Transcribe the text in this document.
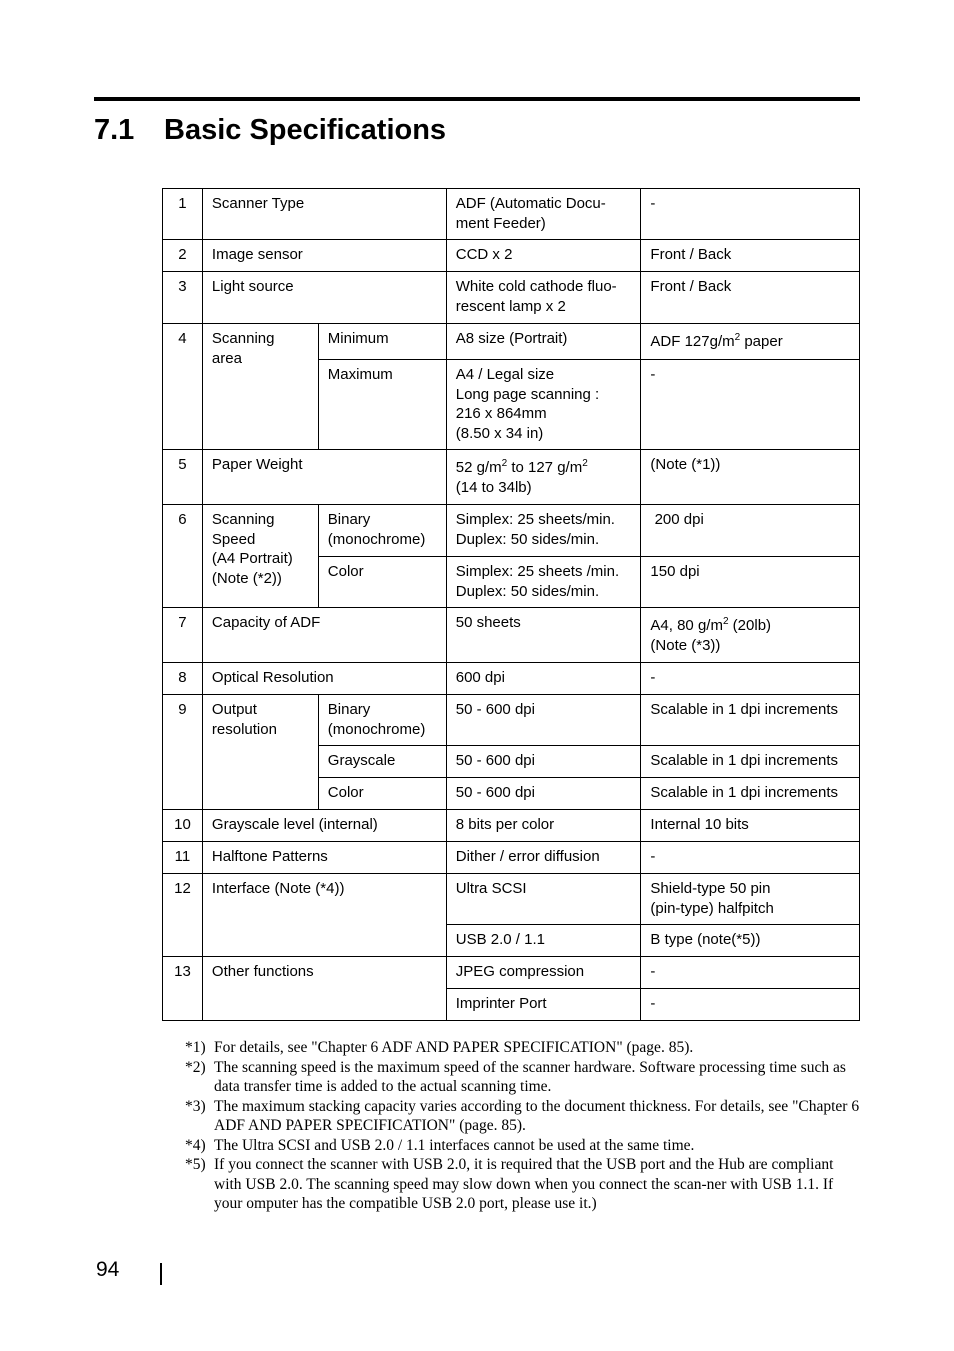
7.1 Basic Specifications
1	Scanner Type		ADF (Automatic Docu-
ment Feeder)	-
2	Image sensor		CCD x 2	Front / Back
3	Light source		White cold cathode fluo-
rescent lamp x 2	Front / Back
4	Scanning
area	Minimum	A8 size (Portrait)	ADF $127g/m^2$ paper
		Maximum	A4 / Legal size
Long page scanning :
216 x 864mm
(8.50 x 34 in)	-
5	Paper Weight		52 $g/m^2$ to 127 $g/m^2$
(14 to 34lb)	(Note (*1))
6	Scanning
Speed
(A4 Portrait)
(Note (*2))	Binary
(monochrome)	Simplex: 25 sheets/min.
Duplex: 50 sides/min.	200 dpi
		Color	Simplex: 25 sheets /min.
Duplex: 50 sides/min.	150 dpi
7	Capacity of ADF		50 sheets	A4, 80 $g/m^2$ (20lb)
(Note (*3))
8	Optical Resolution		600 dpi	-
9	Output
resolution	Binary
(monochrome)	50 - 600 dpi	Scalable in 1 dpi increments
		Grayscale	50 - 600 dpi	Scalable in 1 dpi increments
		Color	50 - 600 dpi	Scalable in 1 dpi increments
10	Grayscale level (internal)		8 bits per color	Internal 10 bits
11	Halftone Patterns		Dither / error diffusion	-
12	Interface (Note (*4))		Ultra SCSI	Shield-type 50 pin
(pin-type) halfpitch
			USB 2.0 / 1.1	B type (note(*5))
13	Other functions		JPEG compression	-
			Imprinter Port	-
*1) For details, see "Chapter 6 ADF AND PAPER SPECIFICATION" (page. 85).
*2) The scanning speed is the maximum speed of the scanner hardware. Software processing time such as data transfer time is added to the actual scanning time.
*3) The maximum stacking capacity varies according to the document thickness. For details, see "Chapter 6 ADF AND PAPER SPECIFICATION" (page. 85).
*4) The Ultra SCSI and USB 2.0 / 1.1 interfaces cannot be used at the same time.
*5) If you connect the scanner with USB 2.0, it is required that the USB port and the Hub are compliant with USB 2.0. The scanning speed may slow down when you connect the scan-ner with USB 1.1. If your omputer has the compatible USB 2.0 port, please use it.)
94
